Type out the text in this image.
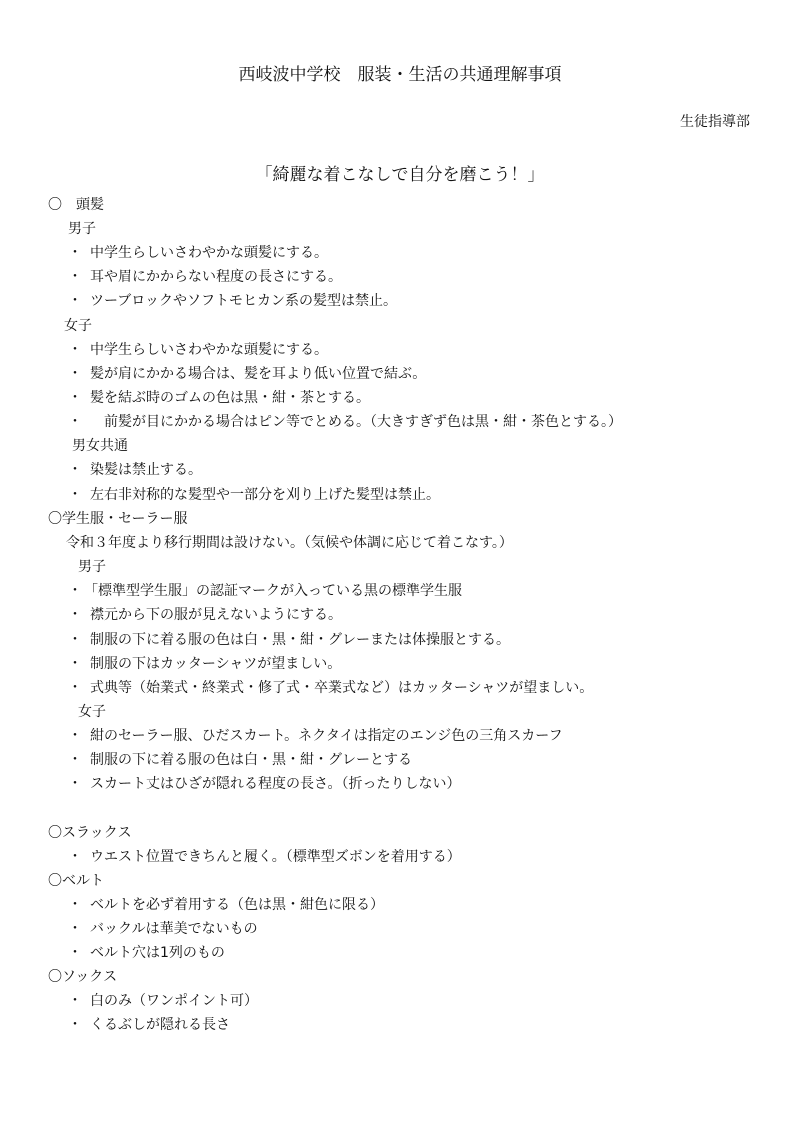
西岐波中学校　服装・生活の共通理解事項
生徒指導部
「綺麗な着こなしで自分を磨こう！」
〇　頭髪
男子
・ 中学生らしいさわやかな頭髪にする。
・ 耳や眉にかからない程度の長さにする。
・ ツーブロックやソフトモヒカン系の髪型は禁止。
女子
・ 中学生らしいさわやかな頭髪にする。
・ 髪が肩にかかる場合は、髪を耳より低い位置で結ぶ。
・ 髪を結ぶ時のゴムの色は黒・紺・茶とする。
・　前髪が目にかかる場合はピン等でとめる。（大きすぎず色は黒・紺・茶色とする。）
男女共通
・ 染髪は禁止する。
・ 左右非対称的な髪型や一部分を刈り上げた髪型は禁止。
〇学生服・セーラー服
令和３年度より移行期間は設けない。（気候や体調に応じて着こなす。）
男子
・ 「標準型学生服」の認証マークが入っている黒の標準学生服
・ 襟元から下の服が見えないようにする。
・ 制服の下に着る服の色は白・黒・紺・グレーまたは体操服とする。
・ 制服の下はカッターシャツが望ましい。
・ 式典等（始業式・終業式・修了式・卒業式など）はカッターシャツが望ましい。
女子
・ 紺のセーラー服、ひだスカート。ネクタイは指定のエンジ色の三角スカーフ
・ 制服の下に着る服の色は白・黒・紺・グレーとする
・ スカート丈はひざが隠れる程度の長さ。（折ったりしない）
〇スラックス
・ ウエスト位置できちんと履く。（標準型ズボンを着用する）
〇ベルト
・ ベルトを必ず着用する（色は黒・紺色に限る）
・ バックルは華美でないもの
・ ベルト穴は1列のもの
〇ソックス
・ 白のみ（ワンポイント可）
・ くるぶしが隠れる長さ
